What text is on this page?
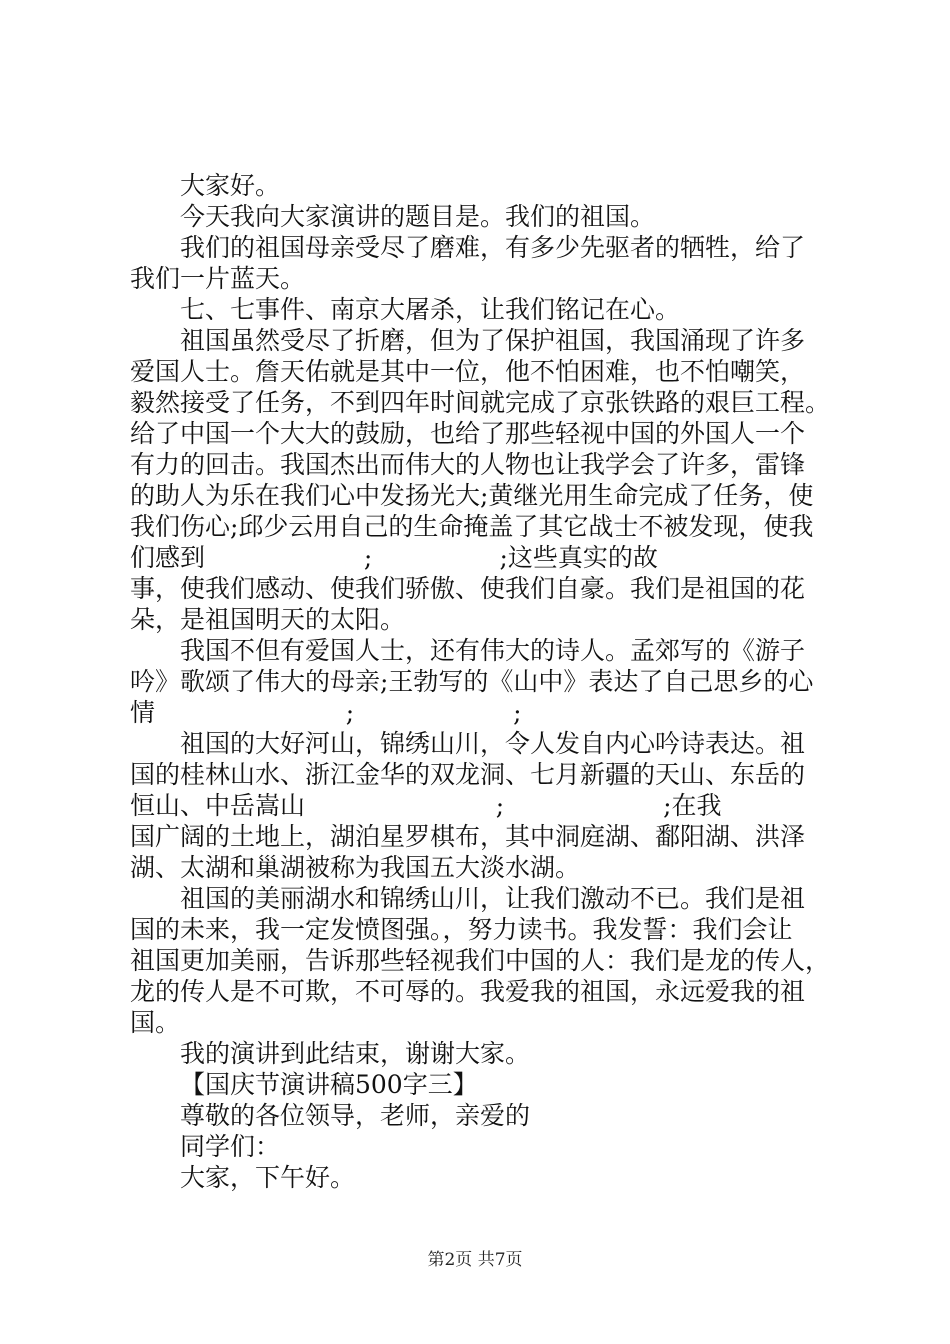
大家好。
今天我向大家演讲的题目是。我们的祖国。
我们的祖国母亲受尽了磨难，有多少先驱者的牺牲，给了
我们一片蓝天。
七、七事件、南京大屠杀，让我们铭记在心。
祖国虽然受尽了折磨，但为了保护祖国，我国涌现了许多
爱国人士。詹天佑就是其中一位，他不怕困难，也不怕嘲笑，
毅然接受了任务，不到四年时间就完成了京张铁路的艰巨工程。
给了中国一个大大的鼓励，也给了那些轻视中国的外国人一个
有力的回击。我国杰出而伟大的人物也让我学会了许多，雷锋
的助人为乐在我们心中发扬光大;黄继光用生命完成了任务，使
我们伤心;邱少云用自己的生命掩盖了其它战士不被发现，使我
们感到                    ;                ;这些真实的故
事，使我们感动、使我们骄傲、使我们自豪。我们是祖国的花
朵，是祖国明天的太阳。
我国不但有爱国人士，还有伟大的诗人。孟郊写的《游子
吟》歌颂了伟大的母亲;王勃写的《山中》表达了自己思乡的心
情                        ;                    ;
祖国的大好河山，锦绣山川，令人发自内心吟诗表达。祖
国的桂林山水、浙江金华的双龙洞、七月新疆的天山、东岳的
恒山、中岳嵩山                        ;                    ;在我
国广阔的土地上，湖泊星罗棋布，其中洞庭湖、鄱阳湖、洪泽
湖、太湖和巢湖被称为我国五大淡水湖。
祖国的美丽湖水和锦绣山川，让我们激动不已。我们是祖
国的未来，我一定发愤图强。，努力读书。我发誓：我们会让
祖国更加美丽，告诉那些轻视我们中国的人：我们是龙的传人，
龙的传人是不可欺，不可辱的。我爱我的祖国，永远爱我的祖
国。
我的演讲到此结束，谢谢大家。
【国庆节演讲稿500字三】
尊敬的各位领导，老师，亲爱的
同学们：
大家，下午好。
第2页 共7页
